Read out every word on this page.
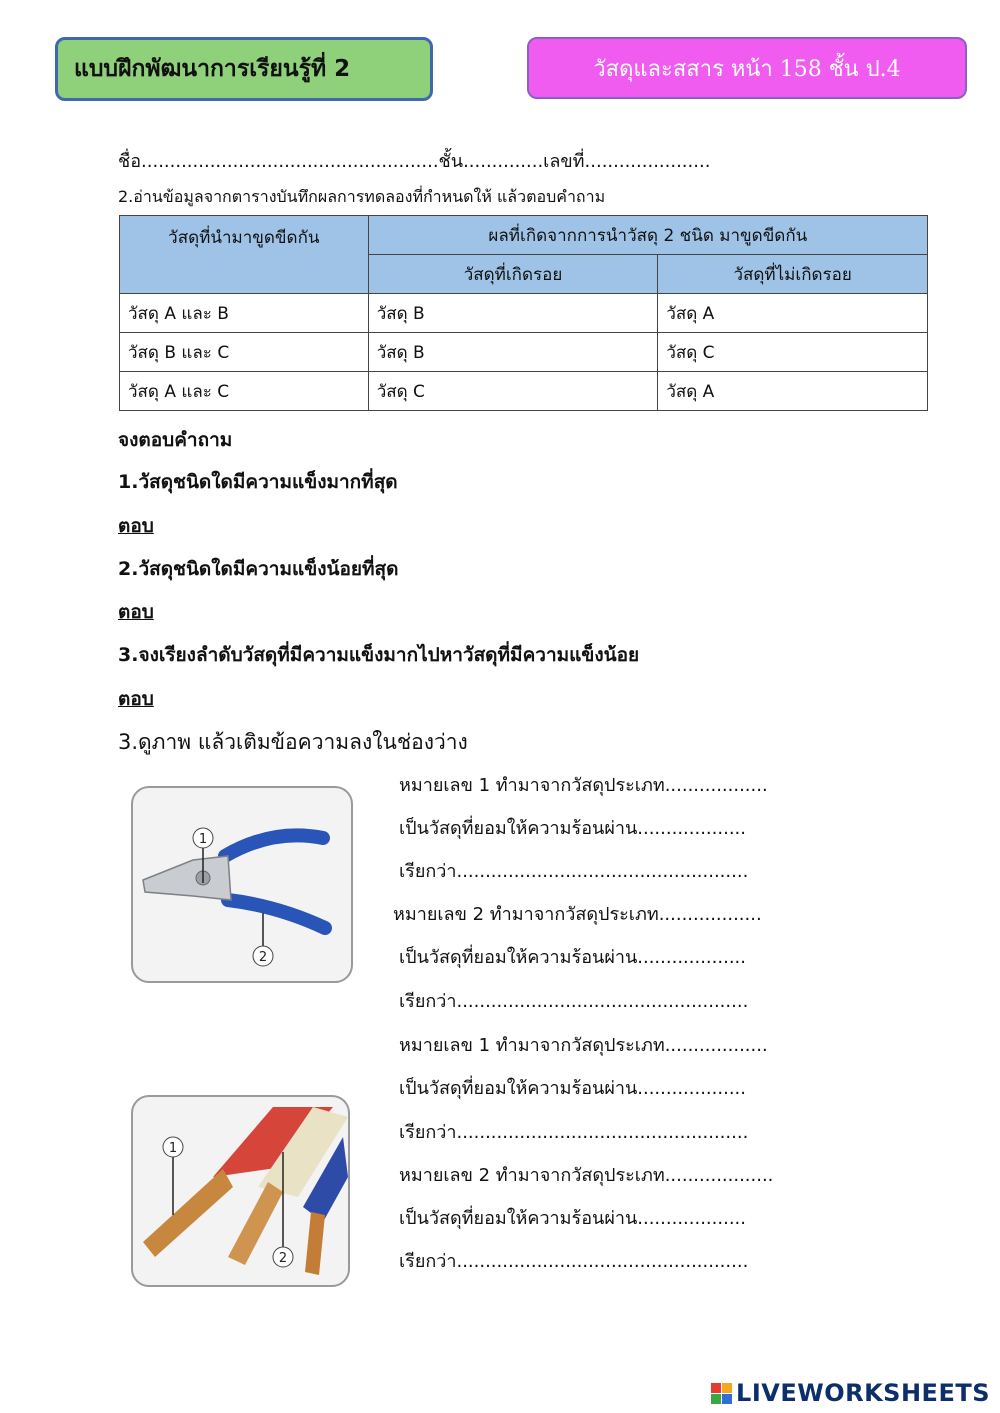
แบบฝึกพัฒนาการเรียนรู้ที่ 2	วัสดุและสสาร หน้า 158 ชั้น ป.4
ชื่อ....................................................ชั้น..............เลขที่......................
2.อ่านข้อมูลจากตารางบันทึกผลการทดลองที่กำหนดให้ แล้วตอบคำถาม
วัสดุที่นำมาขูดขีดกัน	ผลที่เกิดจากการนำวัสดุ 2 ชนิด มาขูดขีดกัน	
	วัสดุที่เกิดรอย	วัสดุที่ไม่เกิดรอย
วัสดุ A และ B	วัสดุ B	วัสดุ A
วัสดุ B และ C	วัสดุ B	วัสดุ C
วัสดุ A และ C	วัสดุ C	วัสดุ A
จงตอบคำถาม
1.วัสดุชนิดใดมีความแข็งมากที่สุด
ตอบ
2.วัสดุชนิดใดมีความแข็งน้อยที่สุด
ตอบ
3.จงเรียงลำดับวัสดุที่มีความแข็งมากไปหาวัสดุที่มีความแข็งน้อย
ตอบ
3.ดูภาพ แล้วเติมข้อความลงในช่องว่าง
1
2
หมายเลข 1 ทำมาจากวัสดุประเภท..................
เป็นวัสดุที่ยอมให้ความร้อนผ่าน...................
เรียกว่า...................................................
หมายเลข 2 ทำมาจากวัสดุประเภท..................
เป็นวัสดุที่ยอมให้ความร้อนผ่าน...................
เรียกว่า...................................................
1
2
หมายเลข 1 ทำมาจากวัสดุประเภท..................
เป็นวัสดุที่ยอมให้ความร้อนผ่าน...................
เรียกว่า...................................................
หมายเลข 2 ทำมาจากวัสดุประเภท...................
เป็นวัสดุที่ยอมให้ความร้อนผ่าน...................
เรียกว่า...................................................
LIVEWORKSHEETS
